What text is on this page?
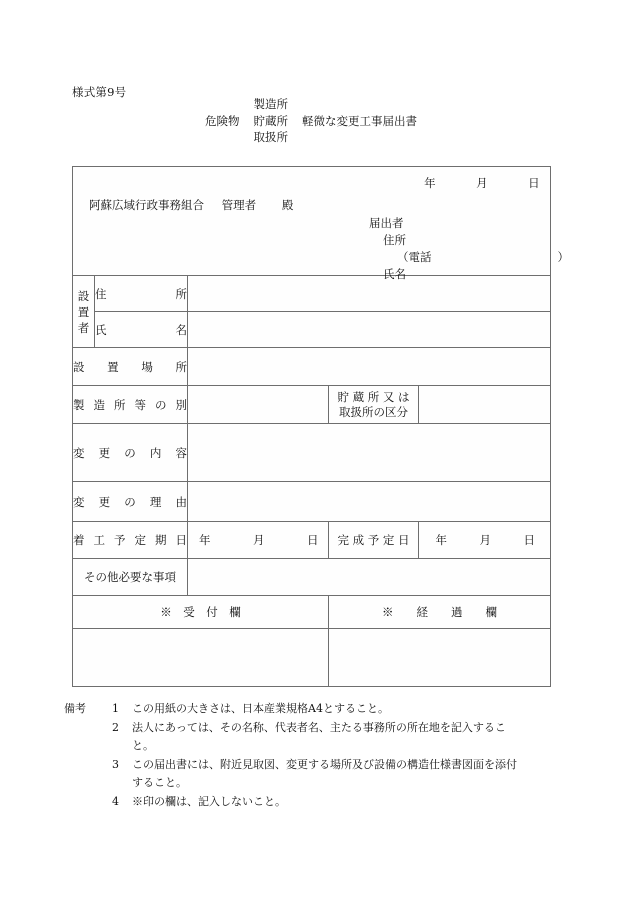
様式第9号
危険物
製造所
貯蔵所
取扱所
軽微な変更工事届出書
年	月	日
阿蘇広域行政事務組合 管理者 殿
届出者
住所
（電話	）
氏名

設
置
者	住　　　　　所			
	氏　　　　　名			
設　置　場　所				
製 造 所 等 の 別			貯 蔵 所 又 は
取扱所の区分	

変　更　の　内　容				
変　更　の　理　由				
着 工 予 定 期 日		年 月 日	完 成 予 定 日	年 月 日

その他必要な事項				
※　受　付　欄			※　　経　　過　　欄	

備考	1	この用紙の大きさは、日本産業規格A4とすること。
2	法人にあっては、その名称、代表者名、主たる事務所の所在地を記入するこ
と。
3	この届出書には、附近見取図、変更する場所及び設備の構造仕様書図面を添付
すること。
4	※印の欄は、記入しないこと。
